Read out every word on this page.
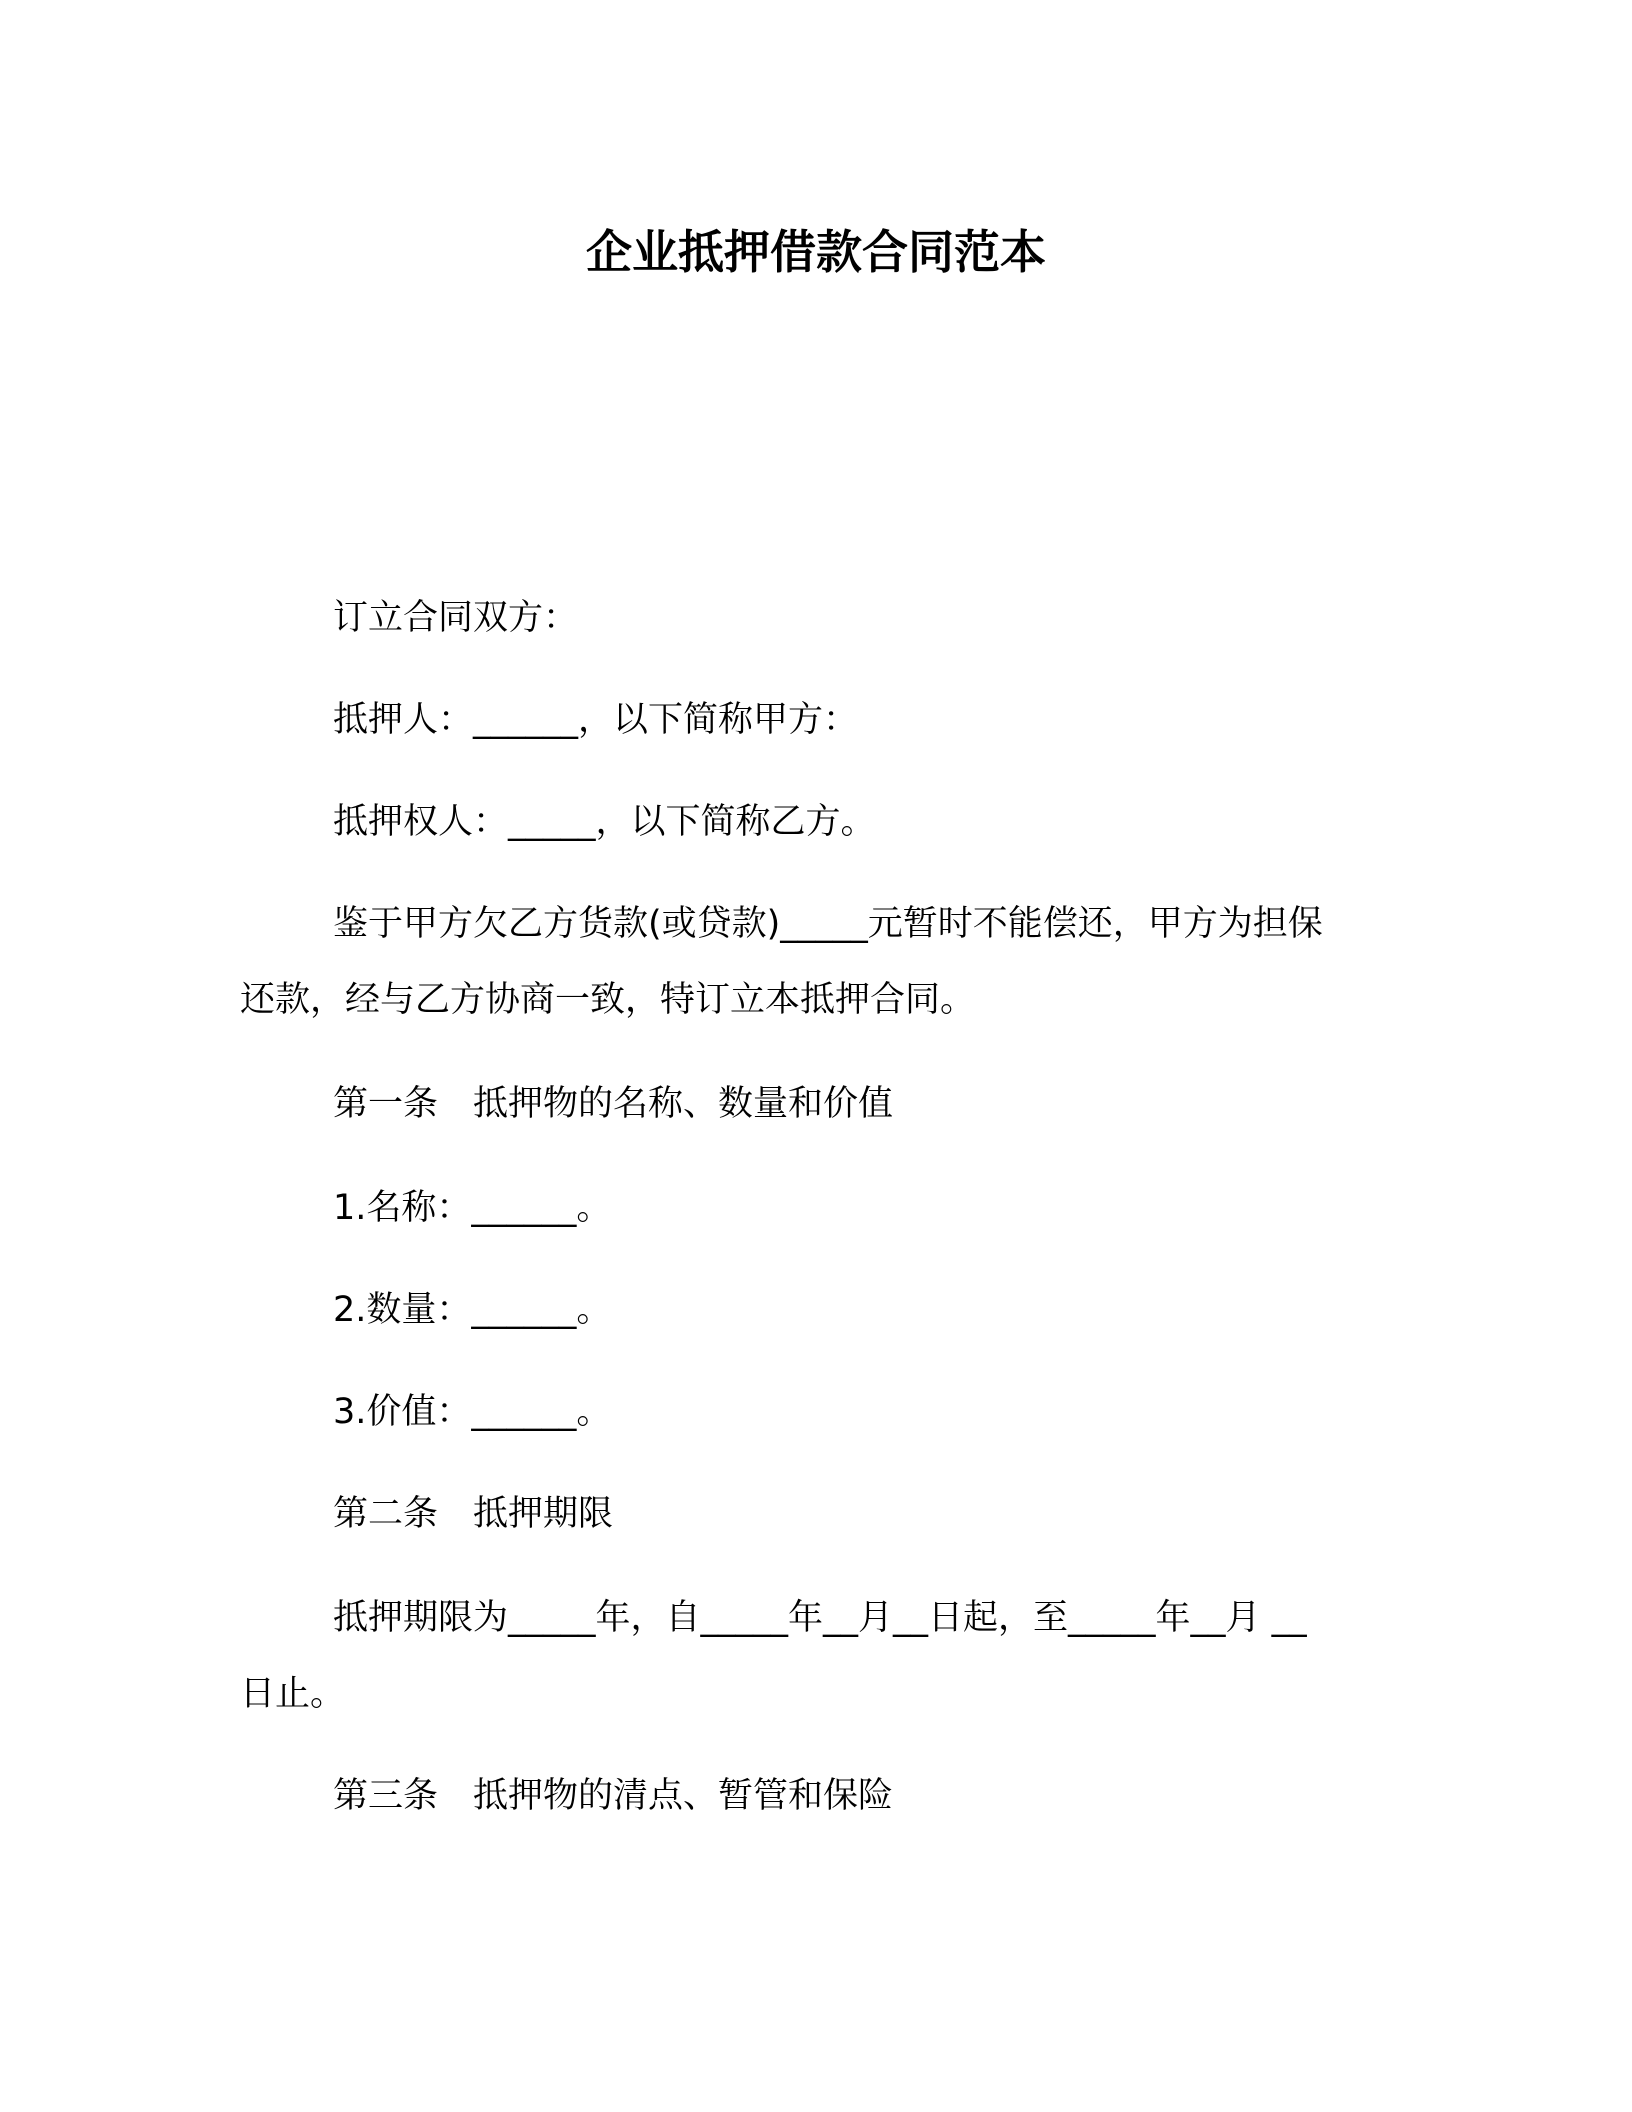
企业抵押借款合同范本
订立合同双方：
抵押人：______，以下简称甲方：
抵押权人：_____，以下简称乙方。
鉴于甲方欠乙方货款(或贷款)_____元暂时不能偿还，甲方为担保
还款，经与乙方协商一致，特订立本抵押合同。
第一条　抵押物的名称、数量和价值
1.名称：______。
2.数量：______。
3.价值：______。
第二条　抵押期限
抵押期限为_____年，自_____年__月__日起，至_____年__月 __
日止。
第三条　抵押物的清点、暂管和保险
